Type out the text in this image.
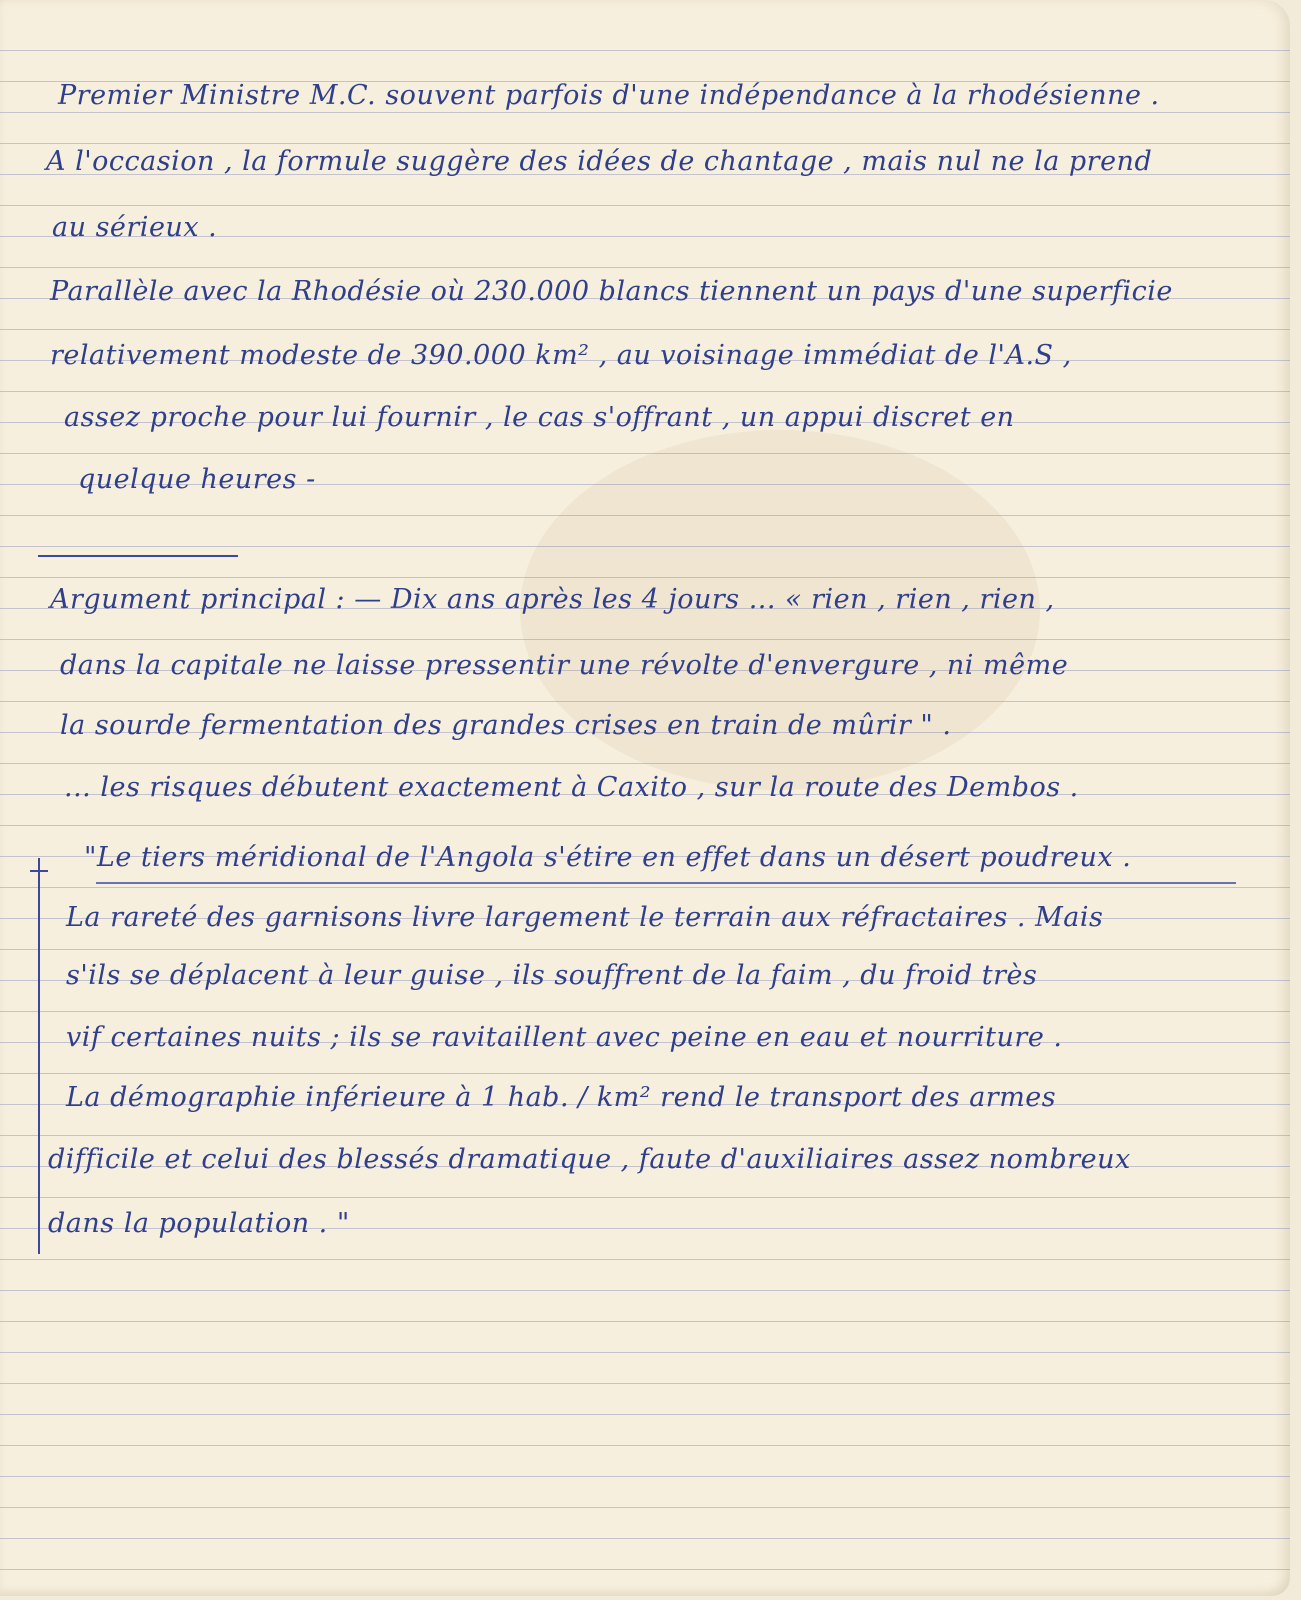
Premier Ministre M.C. souvent parfois d'une indépendance à la rhodésienne .
A l'occasion , la formule suggère des idées de chantage , mais nul ne la prend
au sérieux .
Parallèle avec la Rhodésie où 230.000 blancs tiennent un pays d'une superficie
relativement modeste de 390.000 km² , au voisinage immédiat de l'A.S ,
assez proche pour lui fournir , le cas s'offrant , un appui discret en
quelque heures -
Argument principal : — Dix ans après les 4 jours ... « rien , rien , rien ,
dans la capitale ne laisse pressentir une révolte d'envergure , ni même
la sourde fermentation des grandes crises en train de mûrir " .
... les risques débutent exactement à Caxito , sur la route des Dembos .
"Le tiers méridional de l'Angola s'étire en effet dans un désert poudreux .
La rareté des garnisons livre largement le terrain aux réfractaires . Mais
s'ils se déplacent à leur guise , ils souffrent de la faim , du froid très
vif certaines nuits ; ils se ravitaillent avec peine en eau et nourriture .
La démographie inférieure à 1 hab. / km² rend le transport des armes
difficile et celui des blessés dramatique , faute d'auxiliaires assez nombreux
dans la population . "
